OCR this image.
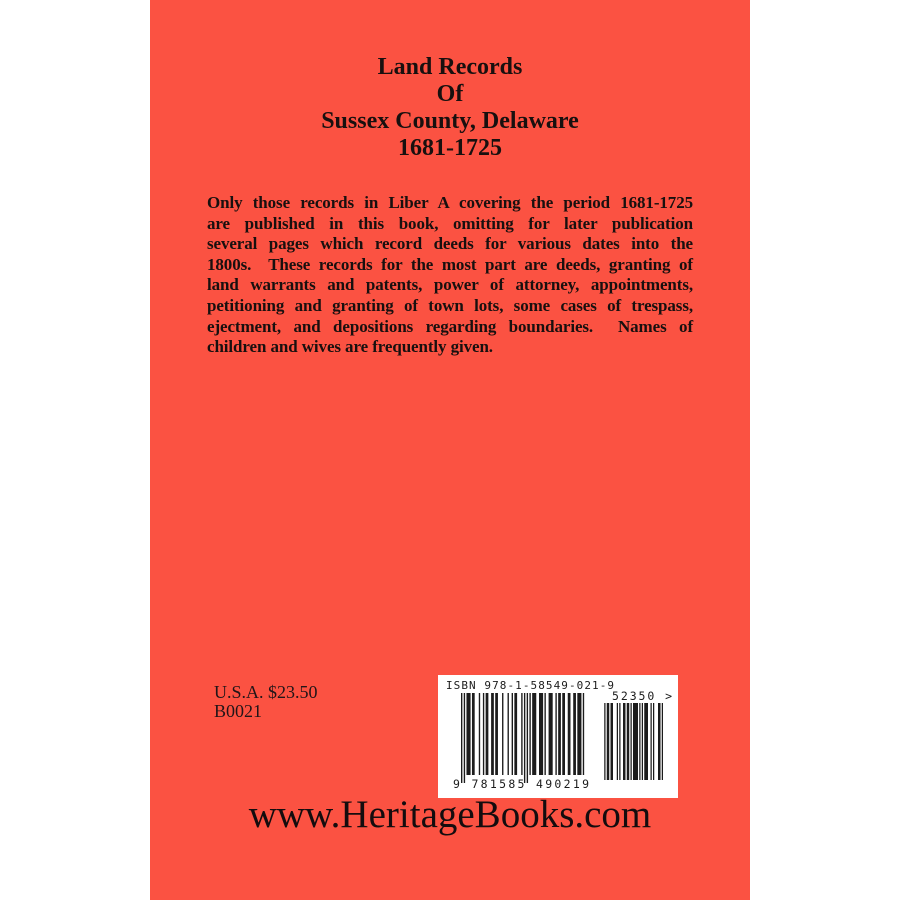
Land Records
Of
Sussex County, Delaware
1681-1725
Only those records in Liber A covering the period 1681-1725
are published in this book, omitting for later publication
several pages which record deeds for various dates into the
1800s.  These records for the most part are deeds, granting of
land warrants and patents, power of attorney, appointments,
petitioning and granting of town lots, some cases of trespass,
ejectment, and depositions regarding boundaries.  Names of
children and wives are frequently given.
U.S.A. $23.50
B0021
ISBN 978-1-58549-021-9
9 781585 490219
52350 >
www.HeritageBooks.com
